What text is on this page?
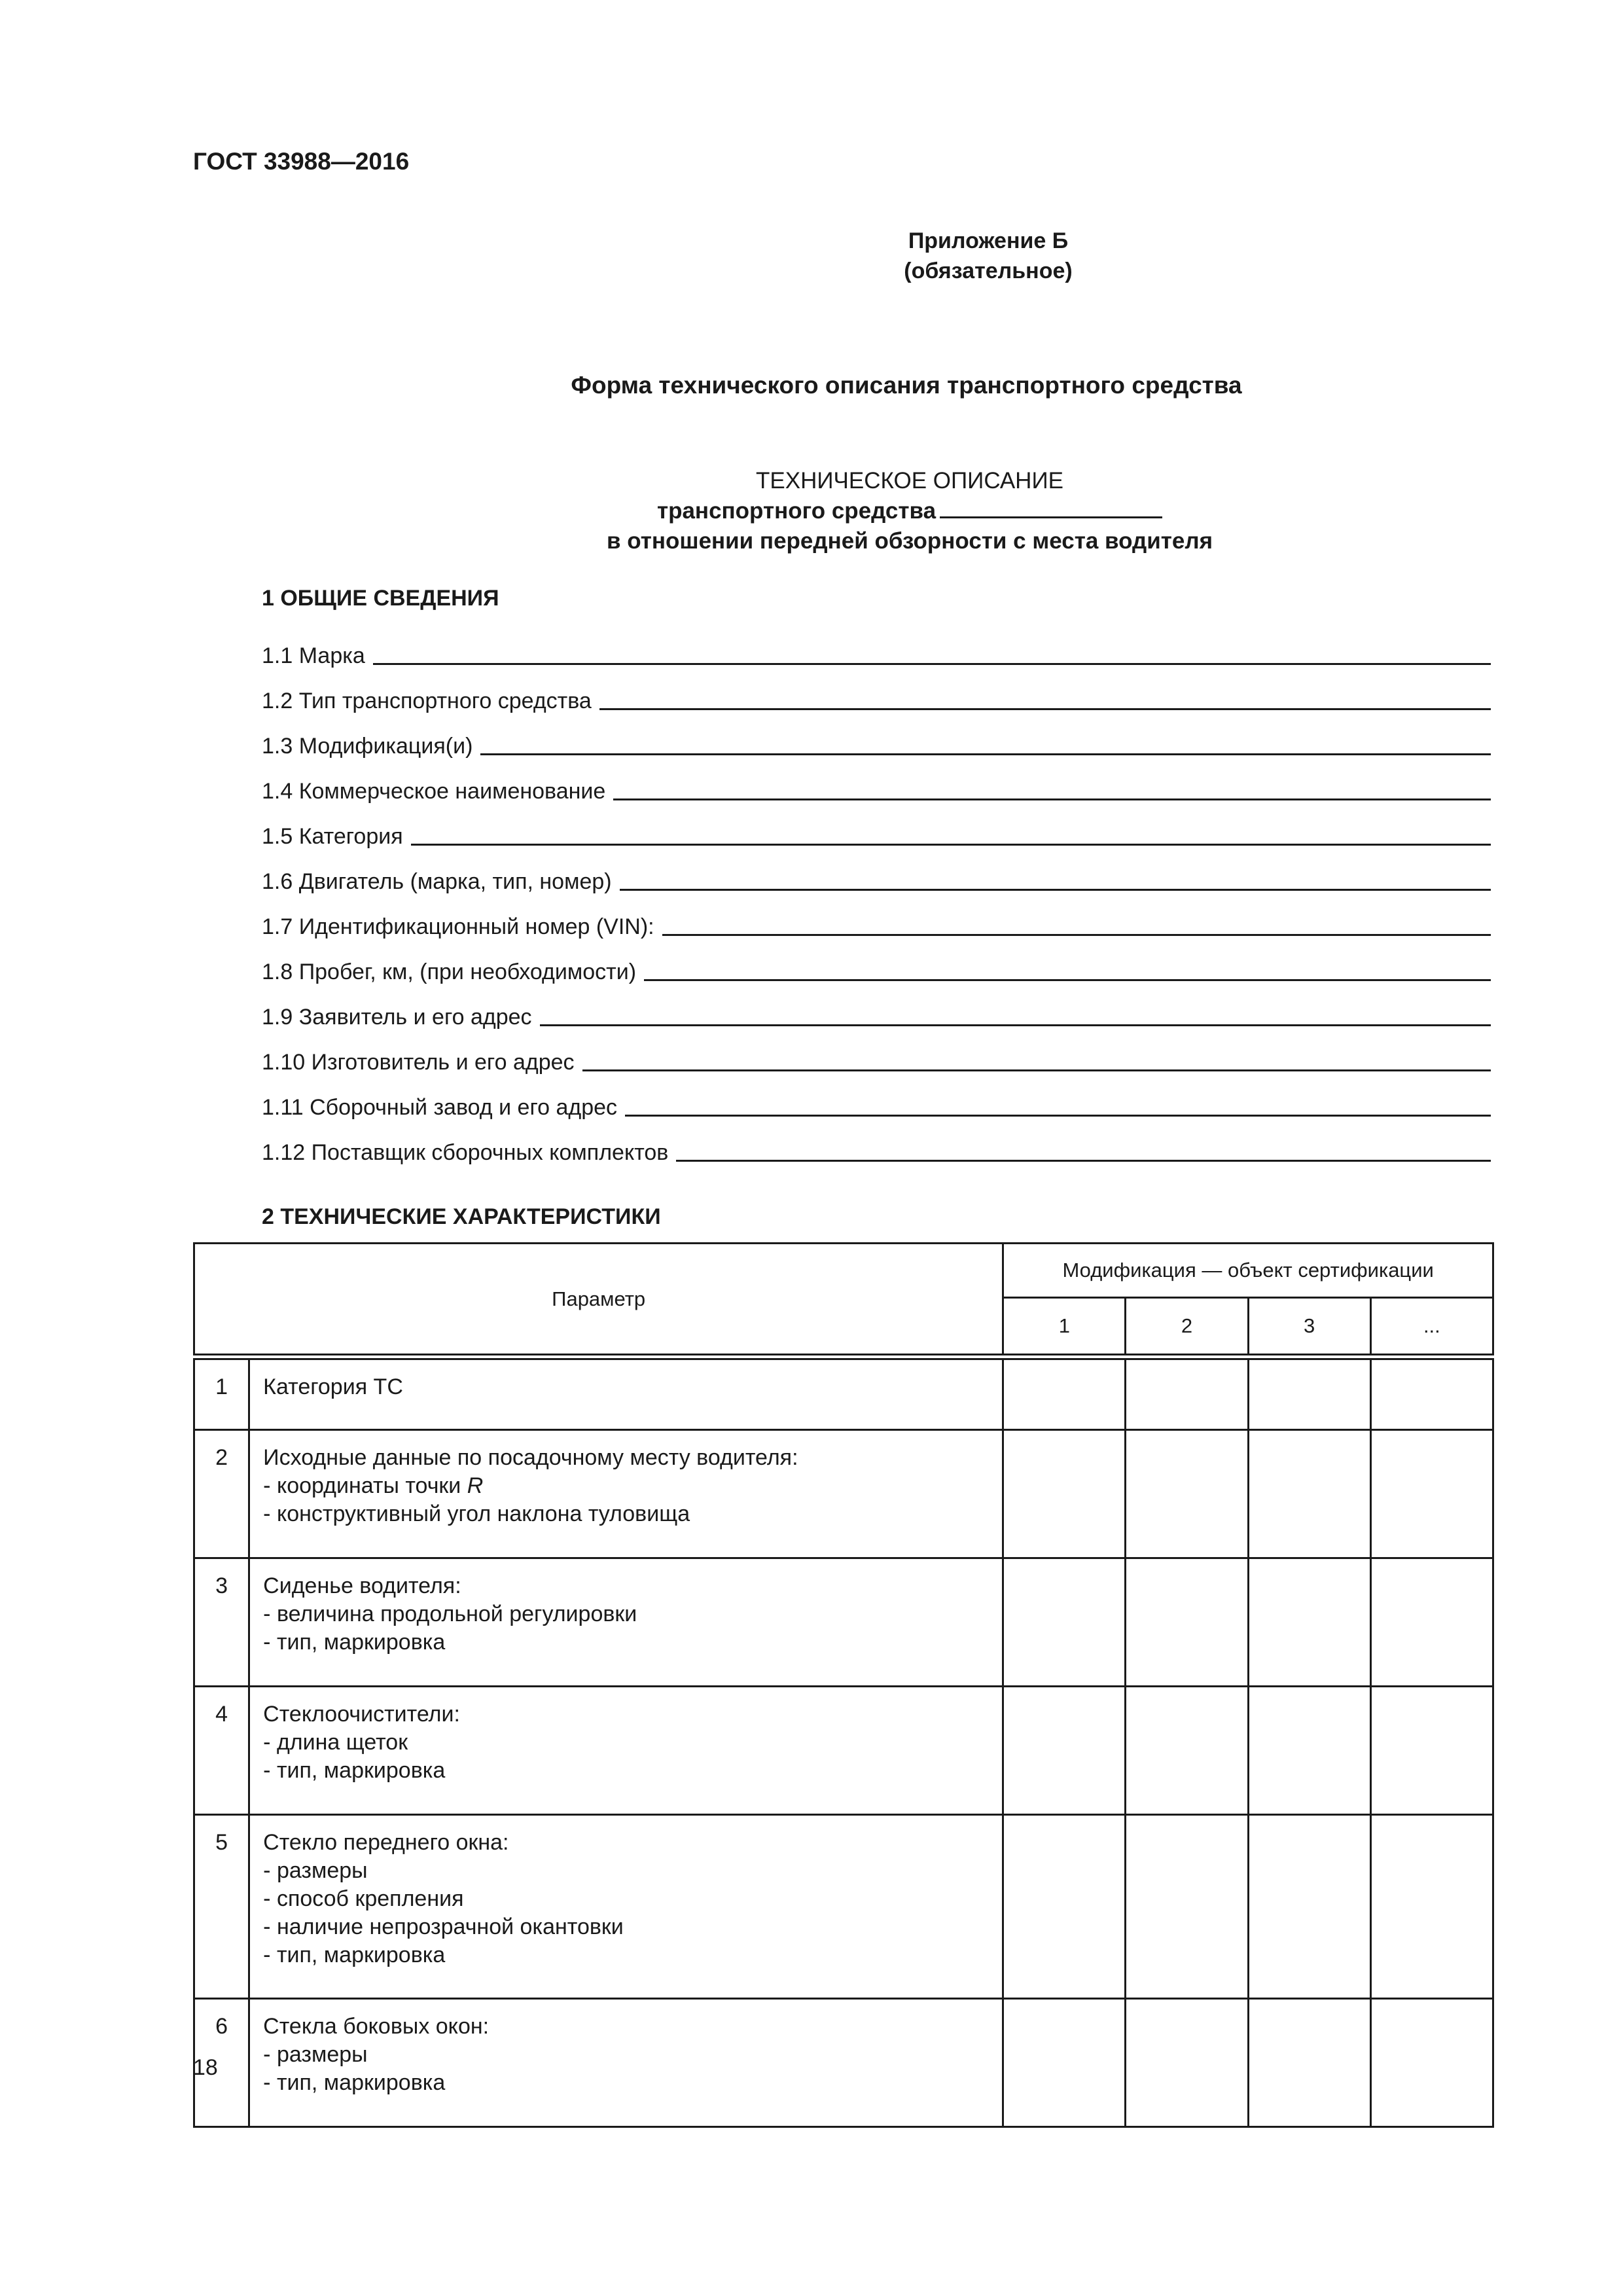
ГОСТ 33988—2016
Приложение Б
(обязательное)
Форма технического описания транспортного средства
ТЕХНИЧЕСКОЕ ОПИСАНИЕ
транспортного средства
в отношении передней обзорности с места водителя
1 ОБЩИЕ СВЕДЕНИЯ
1.1 Марка
1.2 Тип транспортного средства
1.3 Модификация(и)
1.4 Коммерческое наименование
1.5 Категория
1.6 Двигатель (марка, тип, номер)
1.7 Идентификационный номер (VIN):
1.8 Пробег, км, (при необходимости)
1.9 Заявитель и его адрес
1.10 Изготовитель и его адрес
1.11 Сборочный завод и его адрес
1.12 Поставщик сборочных комплектов
2 ТЕХНИЧЕСКИЕ ХАРАКТЕРИСТИКИ
Параметр		Модификация — объект сертификации			
		1	2	3	...

1	Категория ТС				

2	Исходные данные по посадочному месту водителя:
- координаты точки R
- конструктивный угол наклона туловища				

3	Сиденье водителя:
- величина продольной регулировки
- тип, маркировка				

4	Стеклоочистители:
- длина щеток
- тип, маркировка				

5	Стекло переднего окна:
- размеры
- способ крепления
- наличие непрозрачной окантовки
- тип, маркировка				

6	Стекла боковых окон:
- размеры
- тип, маркировка				

18
